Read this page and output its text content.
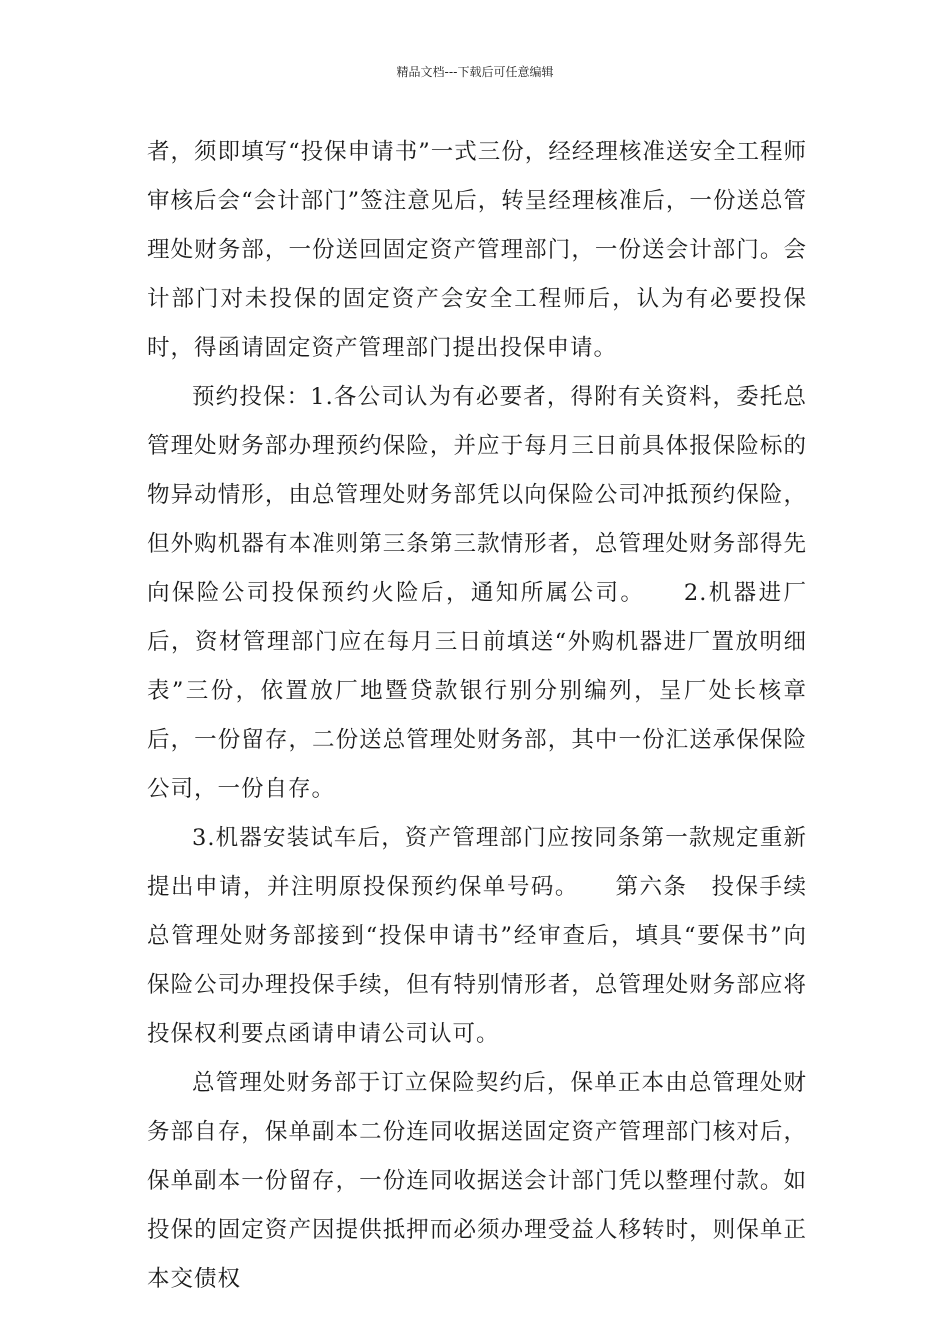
精品文档---下载后可任意编辑

者，须即填写“投保申请书”一式三份，经经理核准送安全工程师审核后会“会计部门”签注意见后，转呈经理核准后，一份送总管理处财务部，一份送回固定资产管理部门，一份送会计部门。会计部门对未投保的固定资产会安全工程师后，认为有必要投保时，得函请固定资产管理部门提出投保申请。

预约投保：1.各公司认为有必要者，得附有关资料，委托总管理处财务部办理预约保险，并应于每月三日前具体报保险标的物异动情形，由总管理处财务部凭以向保险公司冲抵预约保险，但外购机器有本准则第三条第三款情形者，总管理处财务部得先向保险公司投保预约火险后，通知所属公司。　　2.机器进厂后，资材管理部门应在每月三日前填送“外购机器进厂置放明细表”三份，依置放厂地暨贷款银行别分别编列，呈厂处长核章后，一份留存，二份送总管理处财务部，其中一份汇送承保保险公司，一份自存。

3.机器安装试车后，资产管理部门应按同条第一款规定重新提出申请，并注明原投保预约保单号码。　　第六条　投保手续总管理处财务部接到“投保申请书”经审查后，填具“要保书”向保险公司办理投保手续，但有特别情形者，总管理处财务部应将投保权利要点函请申请公司认可。

总管理处财务部于订立保险契约后，保单正本由总管理处财务部自存，保单副本二份连同收据送固定资产管理部门核对后，保单副本一份留存，一份连同收据送会计部门凭以整理付款。如投保的固定资产因提供抵押而必须办理受益人移转时，则保单正本交债权
